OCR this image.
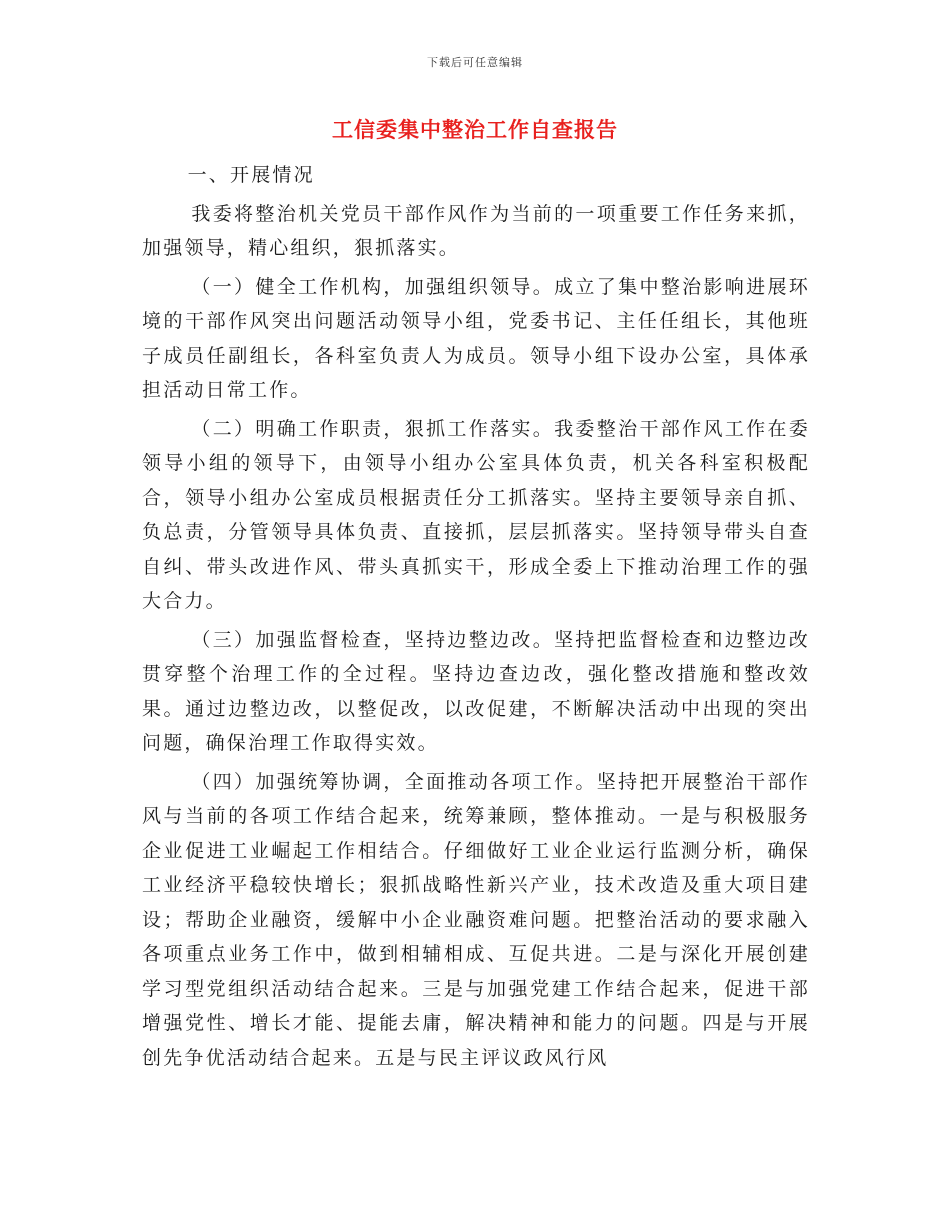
下载后可任意编辑
工信委集中整治工作自查报告

一、开展情况

我委将整治机关党员干部作风作为当前的一项重要工作任务来抓，加强领导，精心组织，狠抓落实。

（一）健全工作机构，加强组织领导。成立了集中整治影响进展环境的干部作风突出问题活动领导小组，党委书记、主任任组长，其他班子成员任副组长，各科室负责人为成员。领导小组下设办公室，具体承担活动日常工作。

（二）明确工作职责，狠抓工作落实。我委整治干部作风工作在委领导小组的领导下，由领导小组办公室具体负责，机关各科室积极配合，领导小组办公室成员根据责任分工抓落实。坚持主要领导亲自抓、负总责，分管领导具体负责、直接抓，层层抓落实。坚持领导带头自查自纠、带头改进作风、带头真抓实干，形成全委上下推动治理工作的强大合力。

（三）加强监督检查，坚持边整边改。坚持把监督检查和边整边改贯穿整个治理工作的全过程。坚持边查边改，强化整改措施和整改效果。通过边整边改，以整促改，以改促建，不断解决活动中出现的突出问题，确保治理工作取得实效。

（四）加强统筹协调，全面推动各项工作。坚持把开展整治干部作风与当前的各项工作结合起来，统筹兼顾，整体推动。一是与积极服务企业促进工业崛起工作相结合。仔细做好工业企业运行监测分析，确保工业经济平稳较快增长；狠抓战略性新兴产业，技术改造及重大项目建设；帮助企业融资，缓解中小企业融资难问题。把整治活动的要求融入各项重点业务工作中，做到相辅相成、互促共进。二是与深化开展创建学习型党组织活动结合起来。三是与加强党建工作结合起来，促进干部增强党性、增长才能、提能去庸，解决精神和能力的问题。四是与开展创先争优活动结合起来。五是与民主评议政风行风
